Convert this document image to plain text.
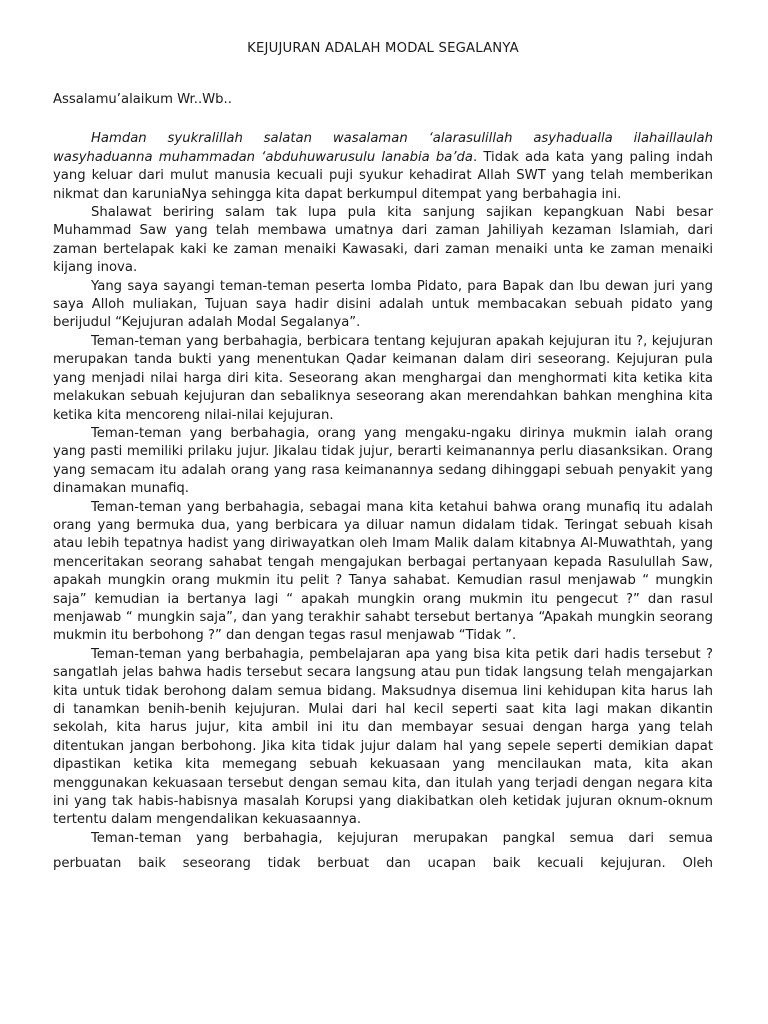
KEJUJURAN ADALAH MODAL SEGALANYA

Assalamu’alaikum Wr..Wb..

Hamdan syukralillah salatan wasalaman ‘alarasulillah asyhadualla ilahaillaulah wasyhaduanna muhammadan ‘abduhuwarusulu lanabia ba’da. Tidak ada kata yang paling indah yang keluar dari mulut manusia kecuali puji syukur kehadirat Allah SWT yang telah memberikan nikmat dan karuniaNya sehingga kita dapat berkumpul ditempat yang berbahagia ini.

Shalawat beriring salam tak lupa pula kita sanjung sajikan kepangkuan Nabi besar Muhammad Saw yang telah membawa umatnya dari zaman Jahiliyah kezaman Islamiah, dari zaman bertelapak kaki ke zaman menaiki Kawasaki, dari zaman menaiki unta ke zaman menaiki kijang inova.

Yang saya sayangi teman-teman peserta lomba Pidato, para Bapak dan Ibu dewan juri yang saya Alloh muliakan, Tujuan saya hadir disini adalah untuk membacakan sebuah pidato yang berijudul “Kejujuran adalah Modal Segalanya”.

Teman-teman yang berbahagia, berbicara tentang kejujuran apakah kejujuran itu ?, kejujuran merupakan tanda bukti yang menentukan Qadar keimanan dalam diri seseorang. Kejujuran pula yang menjadi nilai harga diri kita. Seseorang akan menghargai dan menghormati kita ketika kita melakukan sebuah kejujuran dan sebaliknya seseorang akan merendahkan bahkan menghina kita ketika kita mencoreng nilai-nilai kejujuran.

Teman-teman yang berbahagia, orang yang mengaku-ngaku dirinya mukmin ialah orang yang pasti memiliki prilaku jujur. Jikalau tidak jujur, berarti keimanannya perlu diasanksikan. Orang yang semacam itu adalah orang yang rasa keimanannya sedang dihinggapi sebuah penyakit yang dinamakan munafiq.

Teman-teman yang berbahagia, sebagai mana kita ketahui bahwa orang munafiq itu adalah orang yang bermuka dua, yang berbicara ya diluar namun didalam tidak. Teringat sebuah kisah atau lebih tepatnya hadist yang diriwayatkan oleh Imam Malik dalam kitabnya Al-Muwathtah, yang menceritakan seorang sahabat tengah mengajukan berbagai pertanyaan kepada Rasulullah Saw, apakah mungkin orang mukmin itu pelit ? Tanya sahabat. Kemudian rasul menjawab “ mungkin saja” kemudian ia bertanya lagi “ apakah mungkin orang mukmin itu pengecut ?” dan rasul menjawab “ mungkin saja”, dan yang terakhir sahabt tersebut bertanya “Apakah mungkin seorang mukmin itu berbohong ?” dan dengan tegas rasul menjawab “Tidak ”.

Teman-teman yang berbahagia, pembelajaran apa yang bisa kita petik dari hadis tersebut ? sangatlah jelas bahwa hadis tersebut secara langsung atau pun tidak langsung telah mengajarkan kita untuk tidak berohong dalam semua bidang. Maksudnya disemua lini kehidupan kita harus lah di tanamkan benih-benih kejujuran. Mulai dari hal kecil seperti saat kita lagi makan dikantin sekolah, kita harus jujur, kita ambil ini itu dan membayar sesuai dengan harga yang telah ditentukan jangan berbohong. Jika kita tidak jujur dalam hal yang sepele seperti demikian dapat dipastikan ketika kita memegang sebuah kekuasaan yang mencilaukan mata, kita akan menggunakan kekuasaan tersebut dengan semau kita, dan itulah yang terjadi dengan negara kita ini yang tak habis-habisnya masalah Korupsi yang diakibatkan oleh ketidak jujuran oknum-oknum tertentu dalam mengendalikan kekuasaannya.

Teman-teman yang berbahagia, kejujuran merupakan pangkal semua dari semua
perbuatan baik seseorang tidak berbuat dan ucapan baik kecuali kejujuran. Oleh
